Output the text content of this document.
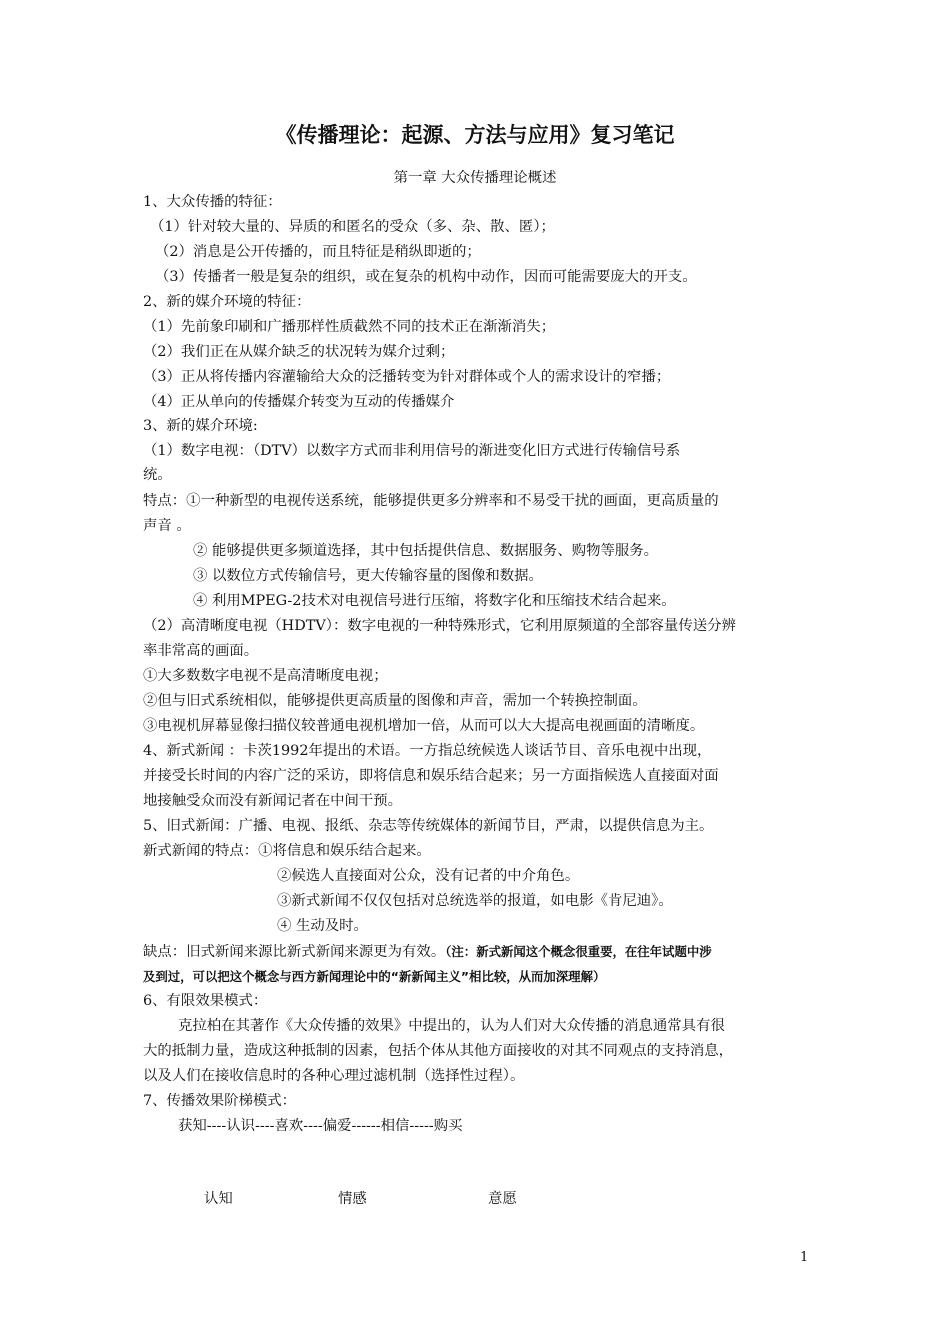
《传播理论：起源、方法与应用》复习笔记
第一章 大众传播理论概述
1、大众传播的特征：
（1）针对较大量的、异质的和匿名的受众（多、杂、散、匿）；
（2）消息是公开传播的，而且特征是稍纵即逝的；
（3）传播者一般是复杂的组织，或在复杂的机构中动作，因而可能需要庞大的开支。
2、新的媒介环境的特征：
（1）先前象印刷和广播那样性质截然不同的技术正在渐渐消失；
（2）我们正在从媒介缺乏的状况转为媒介过剩；
（3）正从将传播内容灌输给大众的泛播转变为针对群体或个人的需求设计的窄播；
（4）正从单向的传播媒介转变为互动的传播媒介
3、新的媒介环境:
（1）数字电视：（DTV）以数字方式而非利用信号的渐进变化旧方式进行传输信号系
统。
特点：①一种新型的电视传送系统，能够提供更多分辨率和不易受干扰的画面，更高质量的
声音 。
② 能够提供更多频道选择，其中包括提供信息、数据服务、购物等服务。
③ 以数位方式传输信号，更大传输容量的图像和数据。
④ 利用MPEG-2技术对电视信号进行压缩，将数字化和压缩技术结合起来。
（2）高清晰度电视（HDTV）：数字电视的一种特殊形式，它利用原频道的全部容量传送分辨
率非常高的画面。
①大多数数字电视不是高清晰度电视；
②但与旧式系统相似，能够提供更高质量的图像和声音，需加一个转换控制面。
③电视机屏幕显像扫描仪较普通电视机增加一倍，从而可以大大提高电视画面的清晰度。
4、新式新闻 ：卡茨1992年提出的术语。一方指总统候选人谈话节目、音乐电视中出现，
并接受长时间的内容广泛的采访，即将信息和娱乐结合起来；另一方面指候选人直接面对面
地接触受众而没有新闻记者在中间干预。
5、旧式新闻：广播、电视、报纸、杂志等传统媒体的新闻节目，严肃，以提供信息为主。
新式新闻的特点：①将信息和娱乐结合起来。
②候选人直接面对公众，没有记者的中介角色。
③新式新闻不仅仅包括对总统选举的报道，如电影《肯尼迪》。
④ 生动及时。
缺点：旧式新闻来源比新式新闻来源更为有效。（注：新式新闻这个概念很重要，在往年试题中涉
及到过，可以把这个概念与西方新闻理论中的“新新闻主义”相比较，从而加深理解）
6、有限效果模式：
克拉柏在其著作《大众传播的效果》中提出的，认为人们对大众传播的消息通常具有很
大的抵制力量，造成这种抵制的因素，包括个体从其他方面接收的对其不同观点的支持消息，
以及人们在接收信息时的各种心理过滤机制（选择性过程）。
7、传播效果阶梯模式：
获知----认识----喜欢----偏爱------相信-----购买
认知	情感	意愿
1
